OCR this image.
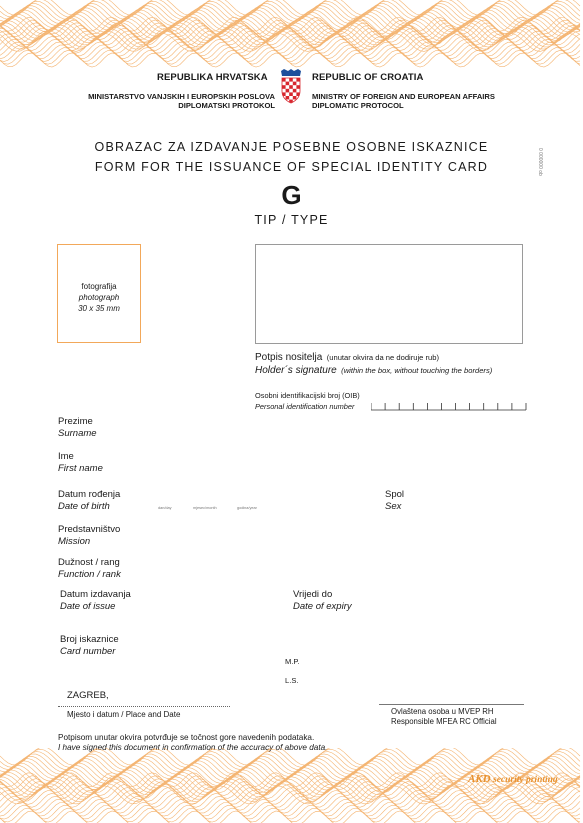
REPUBLIKA HRVATSKA	REPUBLIC OF CROATIA
MINISTARSTVO VANJSKIH I EUROPSKIH POSLOVA
DIPLOMATSKI PROTOKOL
MINISTRY OF FOREIGN AND EUROPEAN AFFAIRS
DIPLOMATIC PROTOCOL
OBRAZAC ZA IZDAVANJE POSEBNE OSOBNE ISKAZNICE
FORM FOR THE ISSUANCE OF SPECIAL IDENTITY CARD
G
TIP / TYPE
0 000000 ob
fotografija
photograph
30 x 35 mm
Potpis nositelja (unutar okvira da ne dodiruje rub)
Holder´s signature (within the box, without touching the borders)
Osobni identifikacijski broj (OIB)
Personal identification number
Prezime
Surname
Ime
First name
Datum rođenja
Date of birth	dan/day	mjesec/month	godina/year
Spol
Sex
Predstavništvo
Mission
Dužnost / rang
Function / rank
Datum izdavanja
Date of issue
Vrijedi do
Date of expiry
Broj iskaznice
Card number
M.P.
L.S.
ZAGREB,
Mjesto i datum / Place and Date	Ovlaštena osoba u MVEP RH
Responsible MFEA RC Official
Potpisom unutar okvira potvrđuje se točnost gore navedenih podataka.
I have signed this document in confirmation of the accuracy of above data.
AKD security printing
